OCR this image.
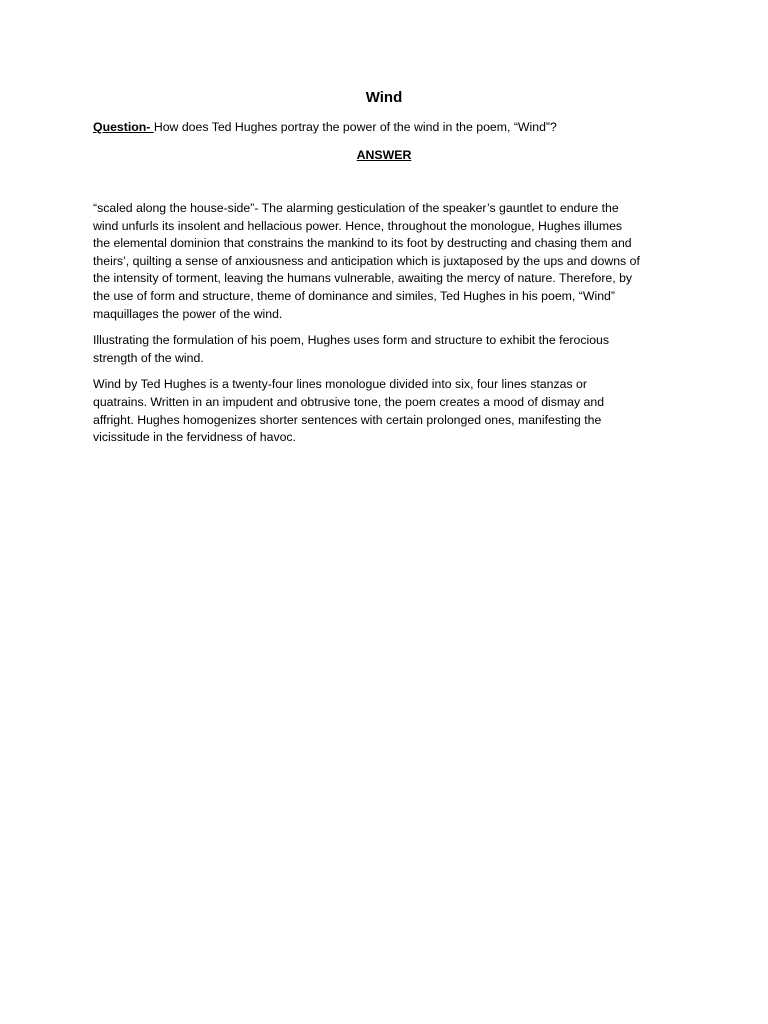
Wind
Question- How does Ted Hughes portray the power of the wind in the poem, “Wind”?
ANSWER

“scaled along the house-side”- The alarming gesticulation of the speaker’s gauntlet to endure the
wind unfurls its insolent and hellacious power. Hence, throughout the monologue, Hughes illumes
the elemental dominion that constrains the mankind to its foot by destructing and chasing them and
theirs’, quilting a sense of anxiousness and anticipation which is juxtaposed by the ups and downs of
the intensity of torment, leaving the humans vulnerable, awaiting the mercy of nature. Therefore, by
the use of form and structure, theme of dominance and similes, Ted Hughes in his poem, “Wind”
maquillages the power of the wind.

Illustrating the formulation of his poem, Hughes uses form and structure to exhibit the ferocious
strength of the wind.

Wind by Ted Hughes is a twenty-four lines monologue divided into six, four lines stanzas or
quatrains. Written in an impudent and obtrusive tone, the poem creates a mood of dismay and
affright. Hughes homogenizes shorter sentences with certain prolonged ones, manifesting the
vicissitude in the fervidness of havoc.
